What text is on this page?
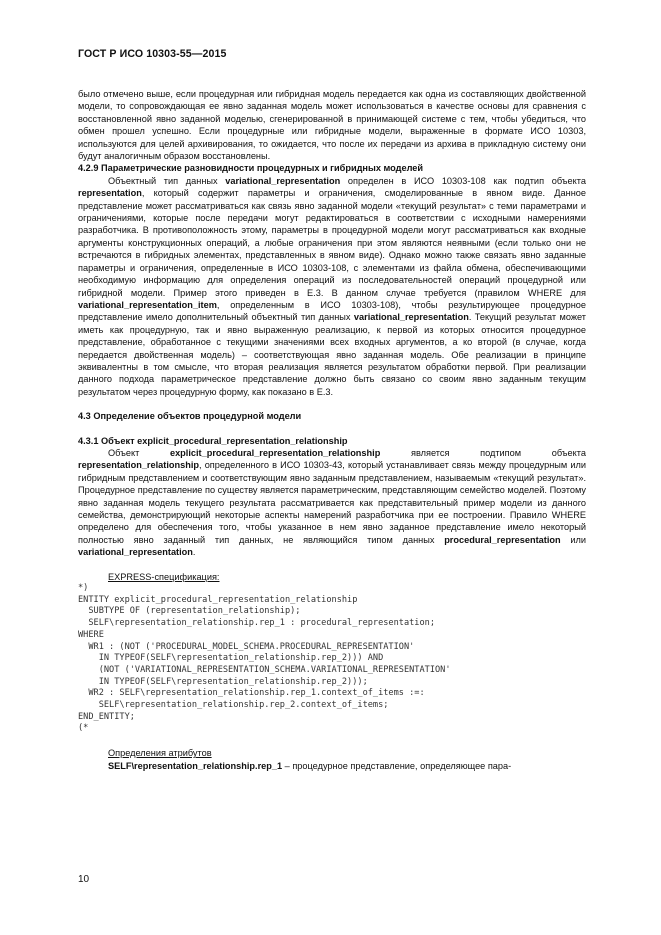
ГОСТ Р ИСО 10303-55—2015

было отмечено выше, если процедурная или гибридная модель передается как одна из составляющих двойственной модели, то сопровождающая ее явно заданная модель может использоваться в качестве основы для сравнения с восстановленной явно заданной моделью, сгенерированной в принимающей системе с тем, чтобы убедиться, что обмен прошел успешно. Если процедурные или гибридные модели, выраженные в формате ИСО 10303, используются для целей архивирования, то ожидается, что после их передачи из архива в прикладную систему они будут аналогичным образом восстановлены.

4.2.9 Параметрические разновидности процедурных и гибридных моделей

Объектный тип данных variational_representation определен в ИСО 10303-108 как подтип объекта representation, который содержит параметры и ограничения, смоделированные в явном виде. Данное представление может рассматриваться как связь явно заданной модели «текущий результат» с теми параметрами и ограничениями, которые после передачи могут редактироваться в соответствии с исходными намерениями разработчика. В противоположность этому, параметры в процедурной модели могут рассматриваться как входные аргументы конструкционных операций, а любые ограничения при этом являются неявными (если только они не встречаются в гибридных элементах, представленных в явном виде). Однако можно также связать явно заданные параметры и ограничения, определенные в ИСО 10303-108, с элементами из файла обмена, обеспечивающими необходимую информацию для определения операций из последовательностей операций процедурной или гибридной модели. Пример этого приведен в Е.3. В данном случае требуется (правилом WHERE для variational_representation_item, определенным в ИСО 10303-108), чтобы результирующее процедурное представление имело дополнительный объектный тип данных variational_representation. Текущий результат может иметь как процедурную, так и явно выраженную реализацию, к первой из которых относится процедурное представление, обработанное с текущими значениями всех входных аргументов, а ко второй (в случае, когда передается двойственная модель) – соответствующая явно заданная модель. Обе реализации в принципе эквивалентны в том смысле, что вторая реализация является результатом обработки первой. При реализации данного подхода параметрическое представление должно быть связано со своим явно заданным текущим результатом через процедурную форму, как показано в Е.3.

4.3 Определение объектов процедурной модели

4.3.1 Объект explicit_procedural_representation_relationship

Объект explicit_procedural_representation_relationship является подтипом объекта representation_relationship, определенного в ИСО 10303-43, который устанавливает связь между процедурным или гибридным представлением и соответствующим явно заданным представлением, называемым «текущий результат». Процедурное представление по существу является параметрическим, представляющим семейство моделей. Поэтому явно заданная модель текущего результата рассматривается как представительный пример модели из данного семейства, демонстрирующий некоторые аспекты намерений разработчика при ее построении. Правило WHERE определено для обеспечения того, чтобы указанное в нем явно заданное представление имело некоторый полностью явно заданный тип данных, не являющийся типом данных procedural_representation или variational_representation.

EXPRESS-спецификация:

*)
ENTITY explicit_procedural_representation_relationship
SUBTYPE OF (representation_relationship);
SELF\representation_relationship.rep_1 : procedural_representation;
WHERE
WR1 : (NOT ('PROCEDURAL_MODEL_SCHEMA.PROCEDURAL_REPRESENTATION'
IN TYPEOF(SELF\representation_relationship.rep_2))) AND
(NOT ('VARIATIONAL_REPRESENTATION_SCHEMA.VARIATIONAL_REPRESENTATION'
IN TYPEOF(SELF\representation_relationship.rep_2)));
WR2 : SELF\representation_relationship.rep_1.context_of_items :=:
SELF\representation_relationship.rep_2.context_of_items;
END_ENTITY;
(*

Определения атрибутов

SELF\representation_relationship.rep_1 – процедурное представление, определяющее пара-

10
